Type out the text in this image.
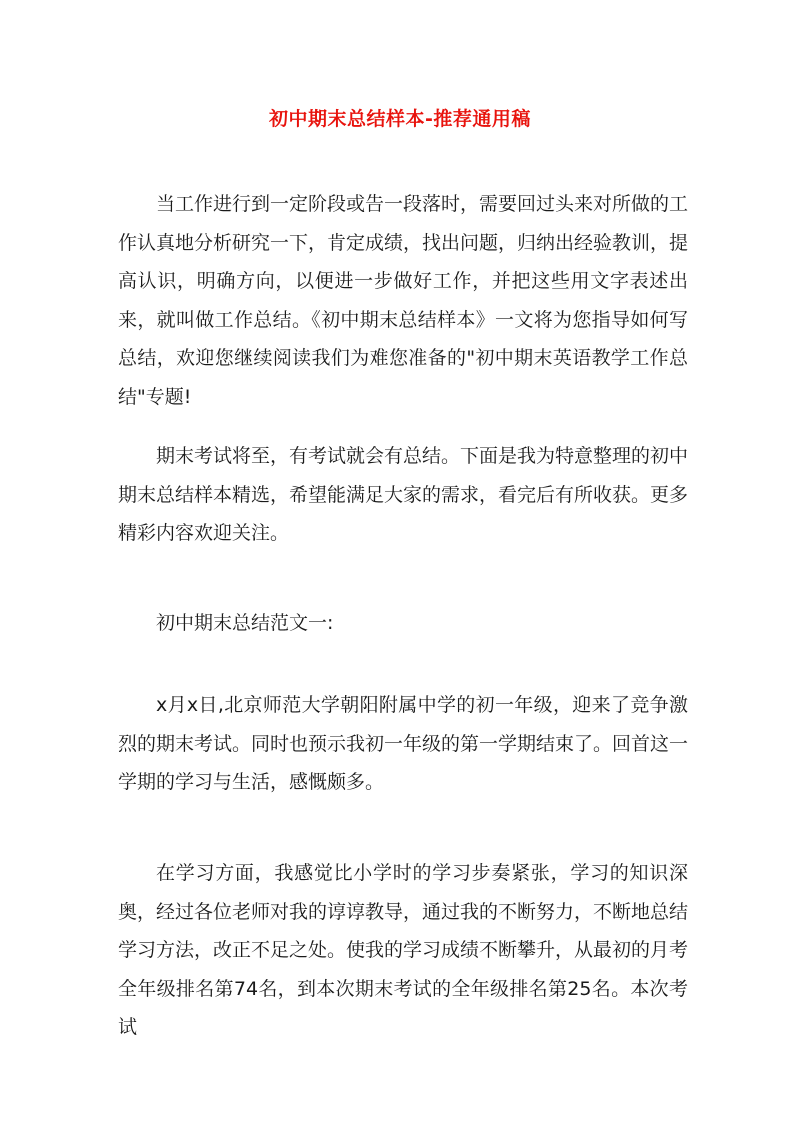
初中期末总结样本-推荐通用稿

当工作进行到一定阶段或告一段落时，需要回过头来对所做的工作认真地分析研究一下，肯定成绩，找出问题，归纳出经验教训，提高认识，明确方向，以便进一步做好工作，并把这些用文字表述出来，就叫做工作总结。《初中期末总结样本》一文将为您指导如何写总结，欢迎您继续阅读我们为难您准备的"初中期末英语教学工作总结"专题!

期末考试将至，有考试就会有总结。下面是我为特意整理的初中期末总结样本精选，希望能满足大家的需求，看完后有所收获。更多精彩内容欢迎关注。

初中期末总结范文一:

x月x日,北京师范大学朝阳附属中学的初一年级，迎来了竞争激烈的期末考试。同时也预示我初一年级的第一学期结束了。回首这一学期的学习与生活，感慨颇多。

在学习方面，我感觉比小学时的学习步奏紧张，学习的知识深奥，经过各位老师对我的谆谆教导，通过我的不断努力，不断地总结学习方法，改正不足之处。使我的学习成绩不断攀升，从最初的月考全年级排名第74名，到本次期末考试的全年级排名第25名。本次考试
